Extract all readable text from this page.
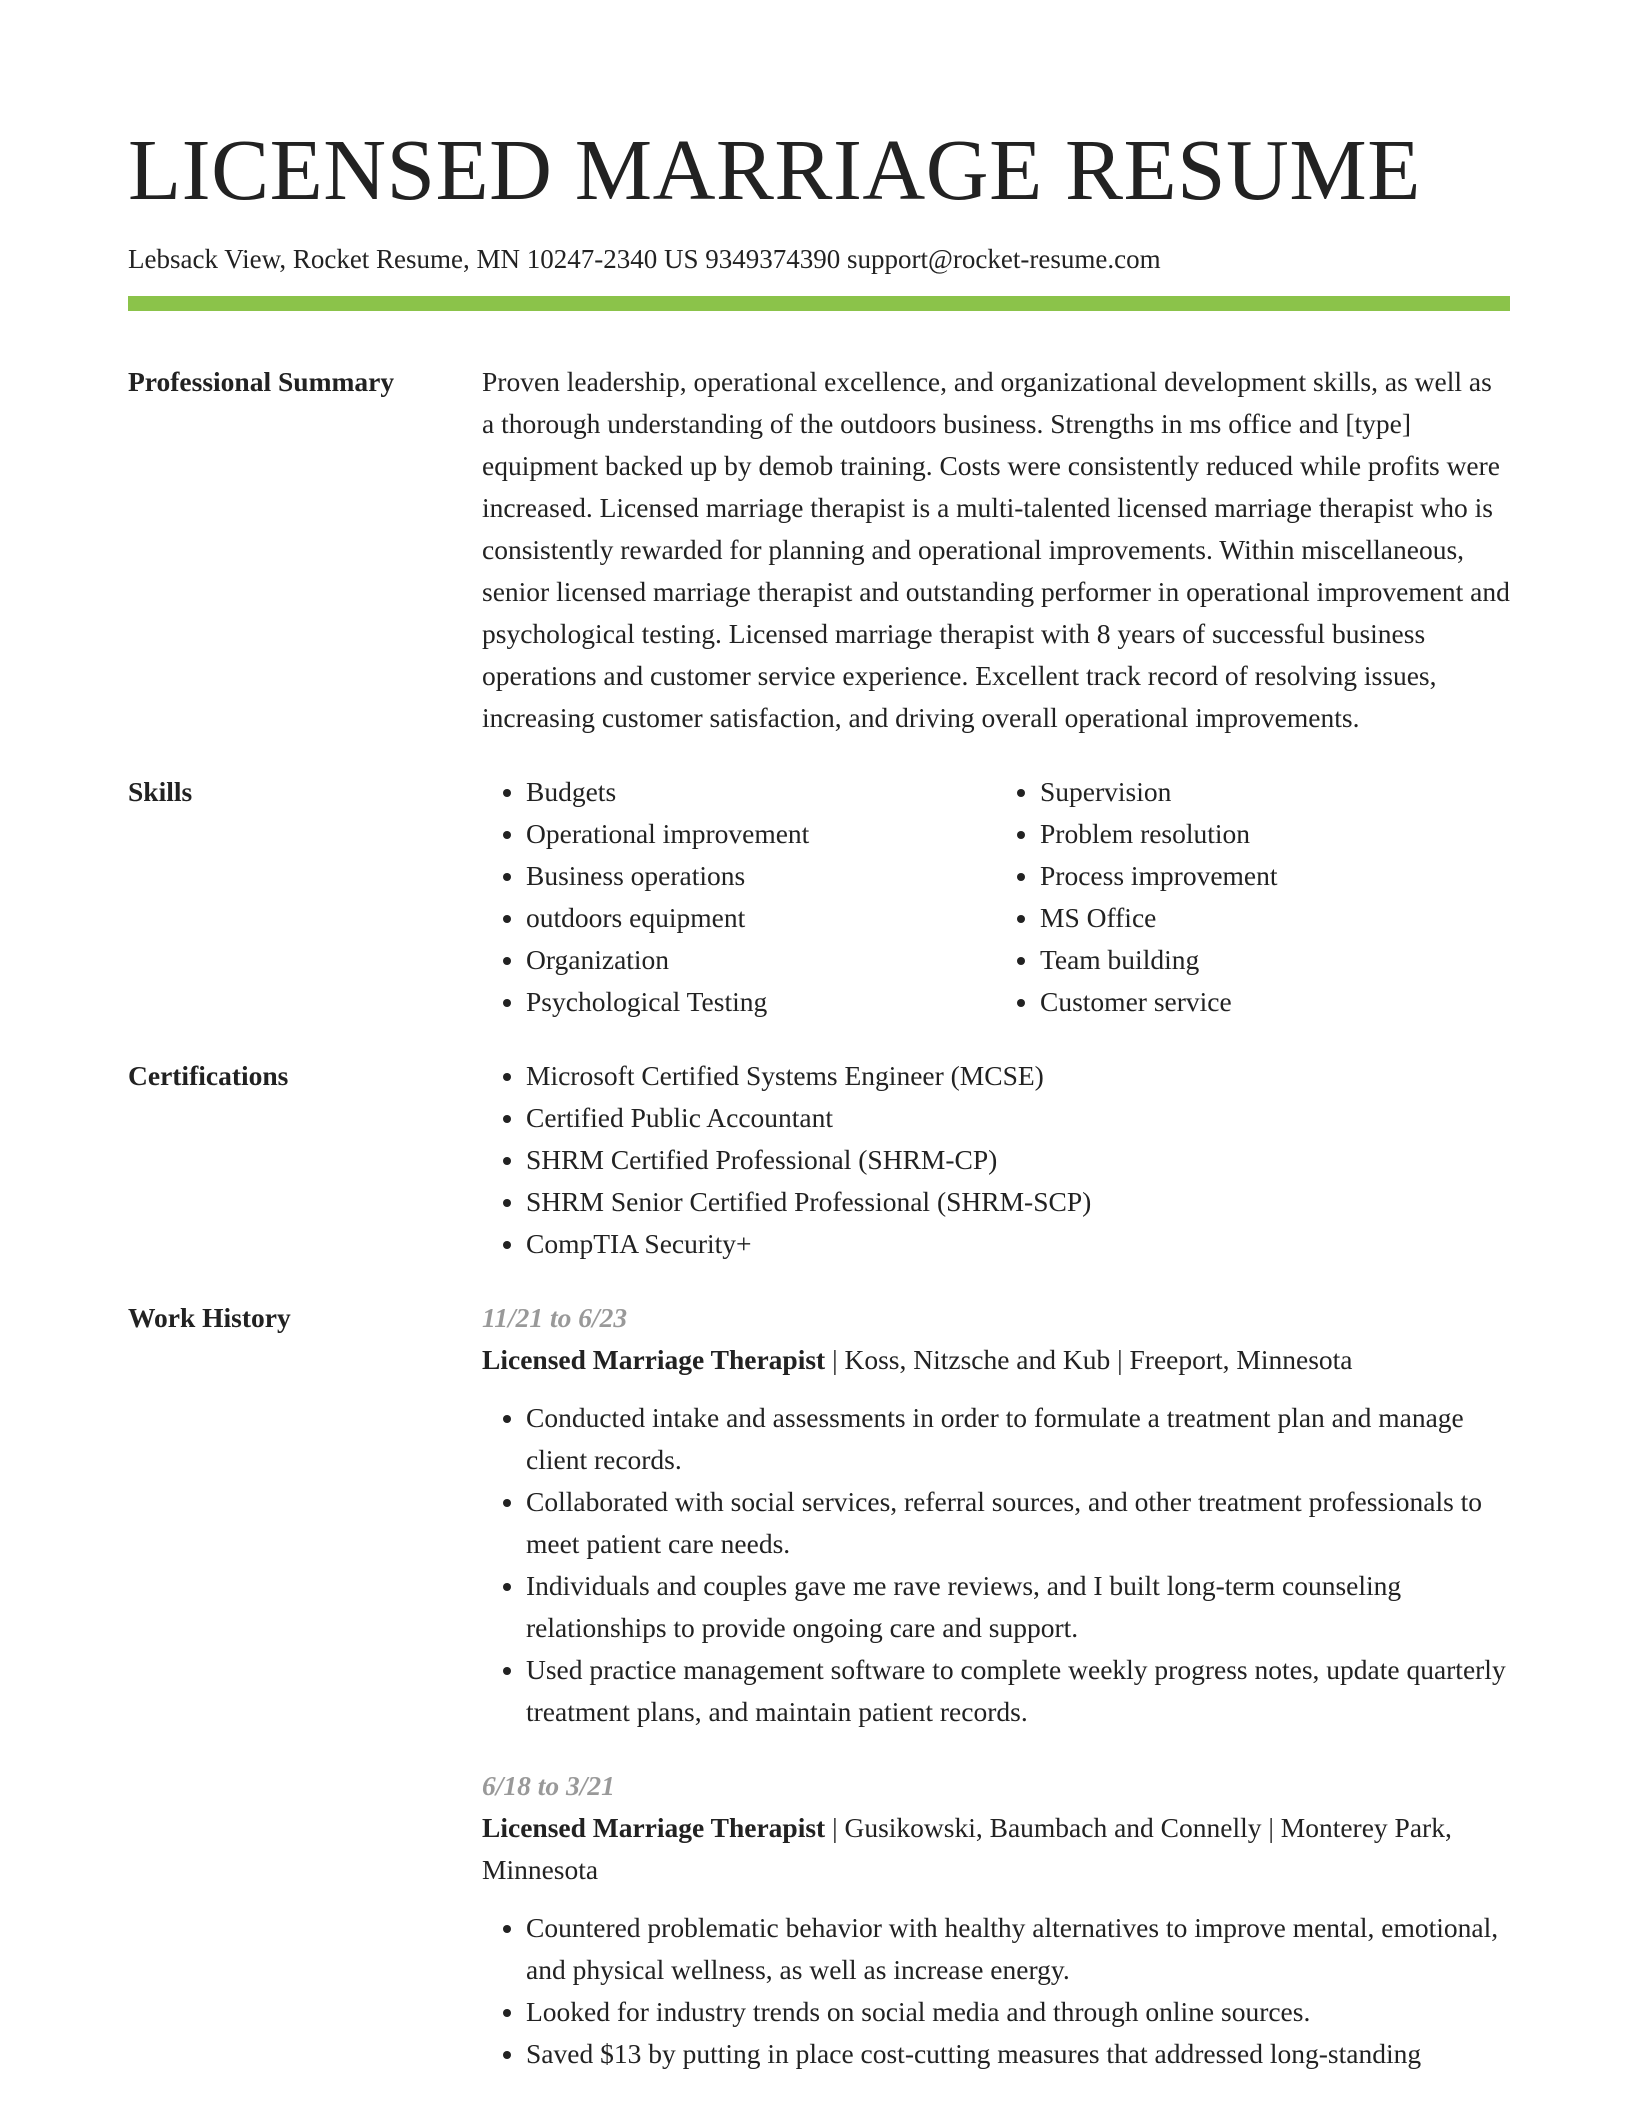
LICENSED MARRIAGE RESUME
Lebsack View, Rocket Resume, MN 10247-2340 US 9349374390 support@rocket-resume.com
Professional Summary	Proven leadership, operational excellence, and organizational development skills, as well as a thorough understanding of the outdoors business. Strengths in ms office and [type] equipment backed up by demob training. Costs were consistently reduced while profits were increased. Licensed marriage therapist is a multi-talented licensed marriage therapist who is consistently rewarded for planning and operational improvements. Within miscellaneous, senior licensed marriage therapist and outstanding performer in operational improvement and psychological testing. Licensed marriage therapist with 8 years of successful business operations and customer service experience. Excellent track record of resolving issues, increasing customer satisfaction, and driving overall operational improvements.

Skills	• Budgets
• Operational improvement
• Business operations
• outdoors equipment
• Organization
• Psychological Testing
• Supervision
• Problem resolution
• Process improvement
• MS Office
• Team building
• Customer service
Certifications	• Microsoft Certified Systems Engineer (MCSE)
• Certified Public Accountant
• SHRM Certified Professional (SHRM-CP)
• SHRM Senior Certified Professional (SHRM-SCP)
• CompTIA Security+
Work History	11/21 to 6/23
Licensed Marriage Therapist | Koss, Nitzsche and Kub | Freeport, Minnesota
• Conducted intake and assessments in order to formulate a treatment plan and manage client records.
• Collaborated with social services, referral sources, and other treatment professionals to meet patient care needs.
• Individuals and couples gave me rave reviews, and I built long-term counseling relationships to provide ongoing care and support.
• Used practice management software to complete weekly progress notes, update quarterly treatment plans, and maintain patient records.
6/18 to 3/21
Licensed Marriage Therapist | Gusikowski, Baumbach and Connelly | Monterey Park, Minnesota
• Countered problematic behavior with healthy alternatives to improve mental, emotional, and physical wellness, as well as increase energy.
• Looked for industry trends on social media and through online sources.
• Saved $13 by putting in place cost-cutting measures that addressed long-standing
